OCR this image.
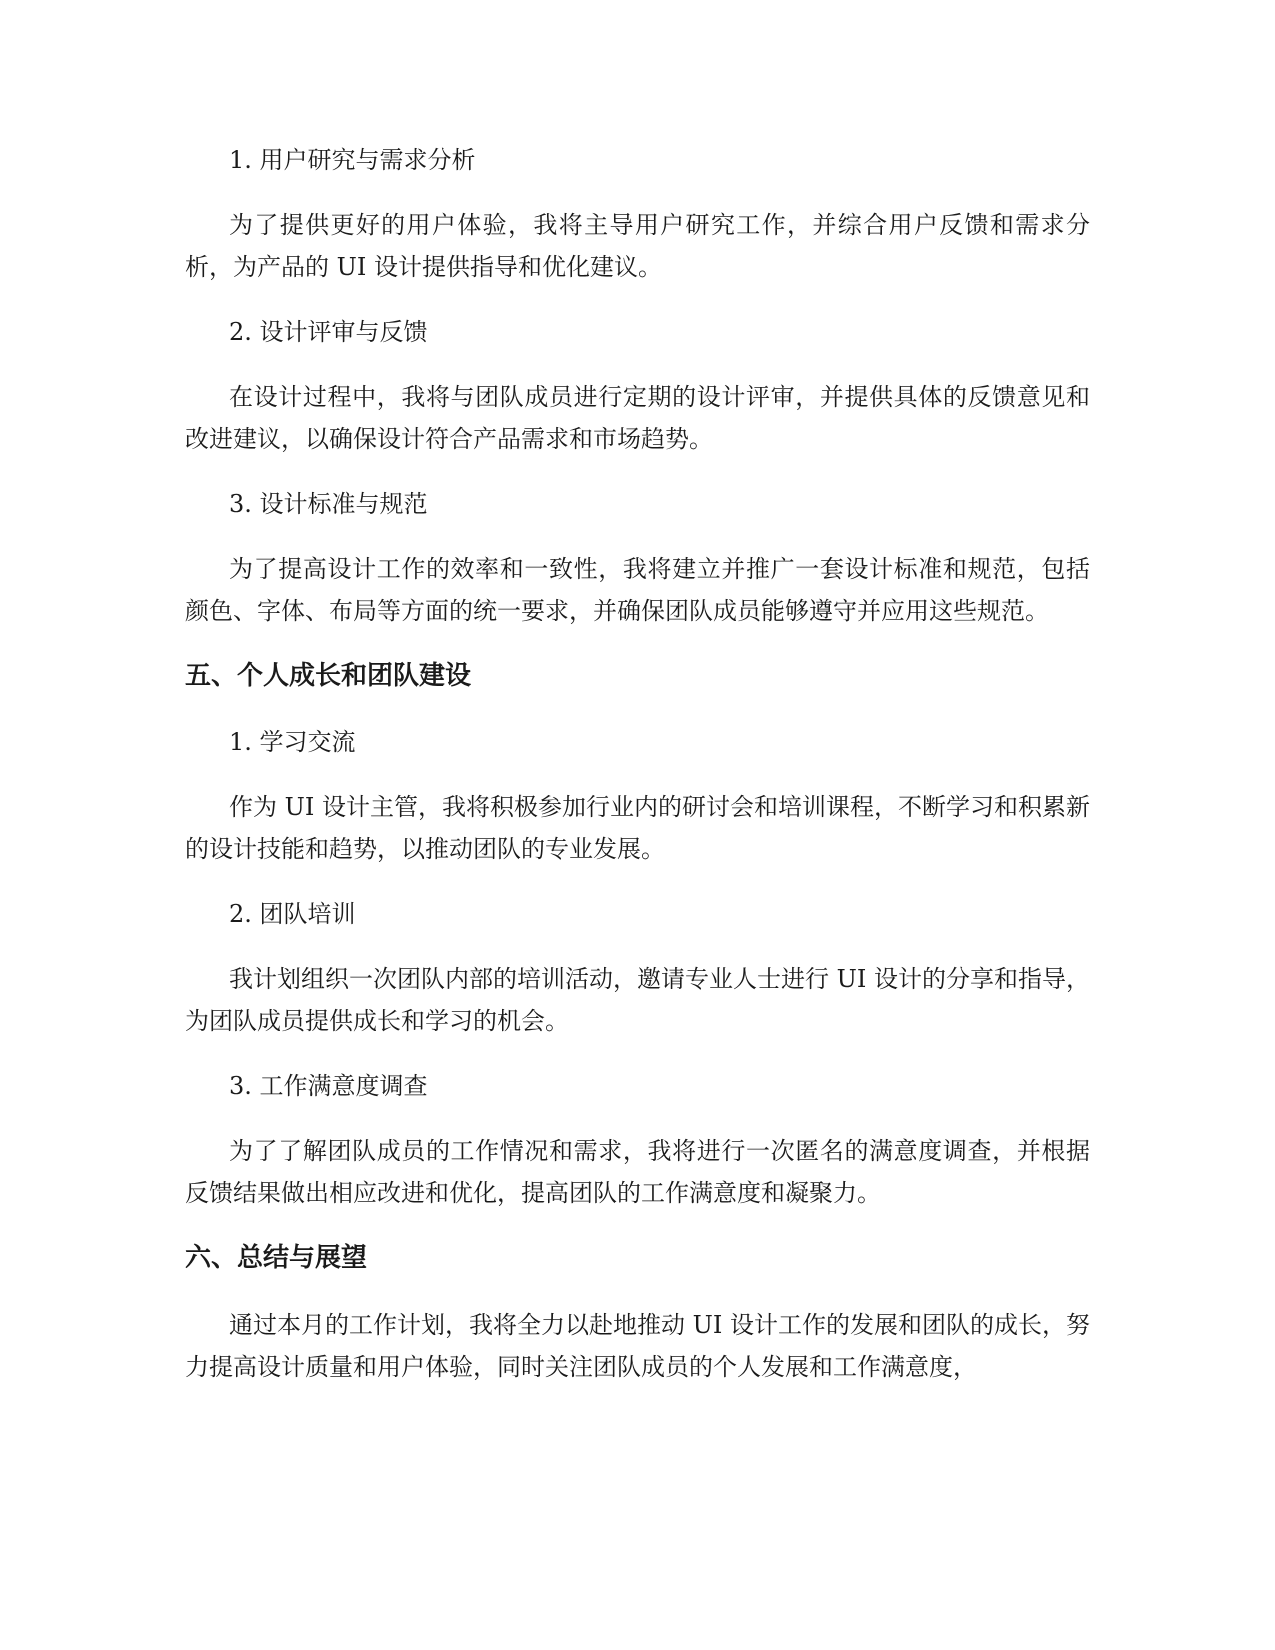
1. 用户研究与需求分析

为了提供更好的用户体验，我将主导用户研究工作，并综合用户反馈和需求分析，为产品的 UI 设计提供指导和优化建议。

2. 设计评审与反馈

在设计过程中，我将与团队成员进行定期的设计评审，并提供具体的反馈意见和改进建议，以确保设计符合产品需求和市场趋势。

3. 设计标准与规范

为了提高设计工作的效率和一致性，我将建立并推广一套设计标准和规范，包括颜色、字体、布局等方面的统一要求，并确保团队成员能够遵守并应用这些规范。

五、个人成长和团队建设
1. 学习交流

作为 UI 设计主管，我将积极参加行业内的研讨会和培训课程，不断学习和积累新的设计技能和趋势，以推动团队的专业发展。

2. 团队培训

我计划组织一次团队内部的培训活动，邀请专业人士进行 UI 设计的分享和指导，为团队成员提供成长和学习的机会。

3. 工作满意度调查

为了了解团队成员的工作情况和需求，我将进行一次匿名的满意度调查，并根据反馈结果做出相应改进和优化，提高团队的工作满意度和凝聚力。

六、总结与展望

通过本月的工作计划，我将全力以赴地推动 UI 设计工作的发展和团队的成长，努力提高设计质量和用户体验，同时关注团队成员的个人发展和工作满意度，
